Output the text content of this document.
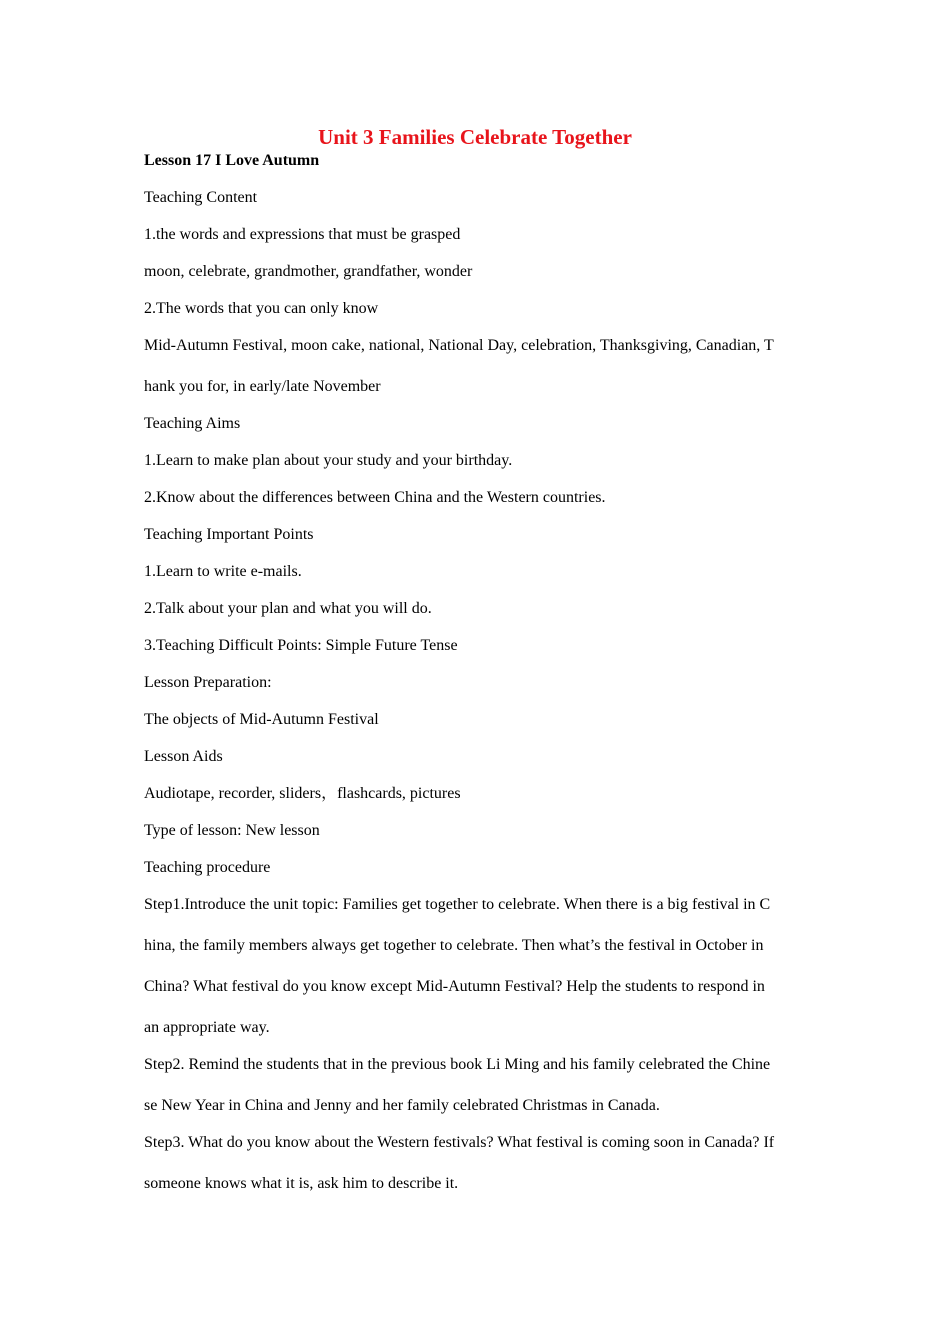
Unit 3 Families Celebrate Together

Lesson 17 I Love Autumn

Teaching Content

1.the words and expressions that must be grasped

moon, celebrate, grandmother, grandfather, wonder

2.The words that you can only know

Mid-Autumn Festival, moon cake, national, National Day, celebration, Thanksgiving, Canadian, T
hank you for, in early/late November

Teaching Aims

1.Learn to make plan about your study and your birthday.

2.Know about the differences between China and the Western countries.

Teaching Important Points

1.Learn to write e-mails.

2.Talk about your plan and what you will do.

3.Teaching Difficult Points: Simple Future Tense

Lesson Preparation:

The objects of Mid-Autumn Festival

Lesson Aids

Audiotape, recorder, sliders，flashcards, pictures

Type of lesson: New lesson

Teaching procedure

Step1.Introduce the unit topic: Families get together to celebrate. When there is a big festival in C
hina, the family members always get together to celebrate. Then what’s the festival in October in
China? What festival do you know except Mid-Autumn Festival? Help the students to respond in
an appropriate way.
Step2. Remind the students that in the previous book Li Ming and his family celebrated the Chine
se New Year in China and Jenny and her family celebrated Christmas in Canada.
Step3. What do you know about the Western festivals? What festival is coming soon in Canada? If
someone knows what it is, ask him to describe it.
